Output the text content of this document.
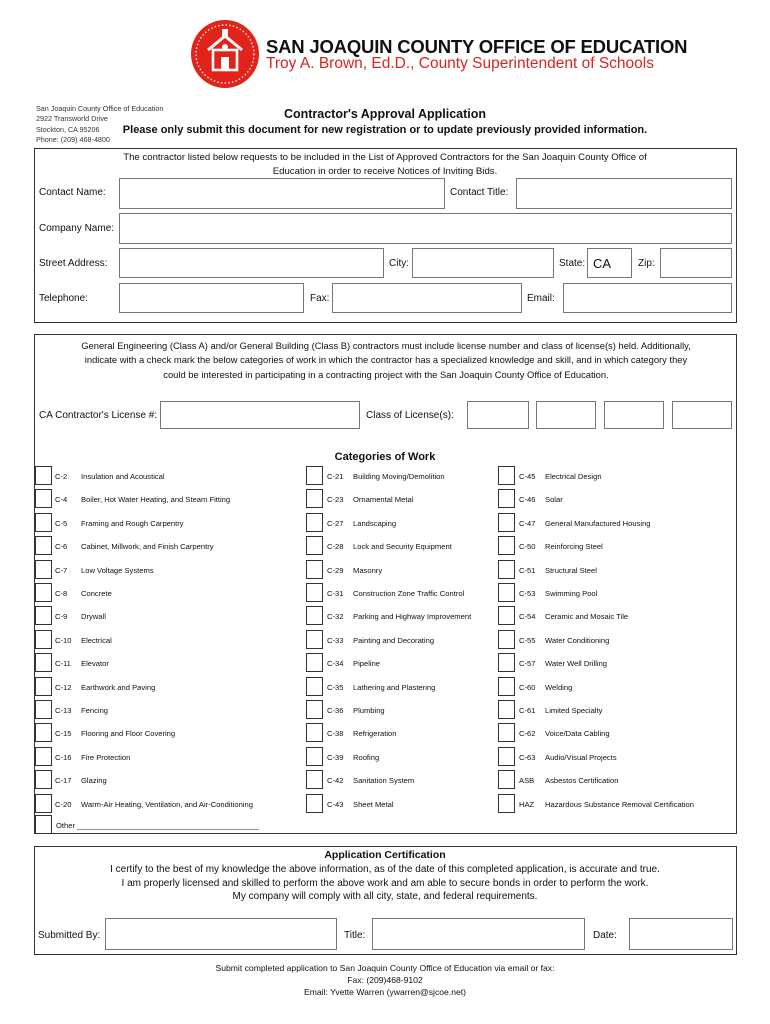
SAN JOAQUIN COUNTY OFFICE OF EDUCATION
Troy A. Brown, Ed.D., County Superintendent of Schools
San Joaquin County Office of Education
2922 Transworld Drive
Stockton, CA 95206
Phone: (209) 468-4800
Contractor's Approval Application
Please only submit this document for new registration or to update previously provided information.
The contractor listed below requests to be included in the List of Approved Contractors for the San Joaquin County Office of
Education in order to receive Notices of Inviting Bids.
Contact Name:	Contact Title:
Company Name:
Street Address:	City:	State: CA	Zip:
Telephone:	Fax:	Email:
General Engineering (Class A) and/or General Building (Class B) contractors must include license number and class of license(s) held. Additionally,
indicate with a check mark the below categories of work in which the contractor has a specialized knowledge and skill, and in which category they
could be interested in participating in a contracting project with the San Joaquin County Office of Education.
CA Contractor's License #:	Class of License(s):
Categories of Work
C-2 Insulation and Acoustical
C-4 Boiler, Hot Water Heating, and Steam Fitting
C-5 Framing and Rough Carpentry
C-6 Cabinet, Millwork, and Finish Carpentry
C-7 Low Voltage Systems
C-8 Concrete
C-9 Drywall
C-10 Electrical
C-11 Elevator
C-12 Earthwork and Paving
C-13 Fencing
C-15 Flooring and Floor Covering
C-16 Fire Protection
C-17 Glazing
C-20 Warm-Air Heating, Ventilation, and Air-Conditioning
C-21 Building Moving/Demolition
C-23 Ornamental Metal
C-27 Landscaping
C-28 Lock and Security Equipment
C-29 Masonry
C-31 Construction Zone Traffic Control
C-32 Parking and Highway Improvement
C-33 Painting and Decorating
C-34 Pipeline
C-35 Lathering and Plastering
C-36 Plumbing
C-38 Refrigeration
C-39 Roofing
C-42 Sanitation System
C-43 Sheet Metal
C-45 Electrical Design
C-46 Solar
C-47 General Manufactured Housing
C-50 Reinforcing Steel
C-51 Structural Steel
C-53 Swimming Pool
C-54 Ceramic and Mosaic Tile
C-55 Water Conditioning
C-57 Water Well Drilling
C-60 Welding
C-61 Limited Specialty
C-62 Voice/Data Cabling
C-63 Audio/Visual Projects
ASB Asbestos Certification
HAZ Hazardous Substance Removal Certification
Other ___________________________________________
Application Certification
I certify to the best of my knowledge the above information, as of the date of this completed application, is accurate and true.
I am properly licensed and skilled to perform the above work and am able to secure bonds in order to perform the work.
My company will comply with all city, state, and federal requirements.
Submitted By:	Title:	Date:
Submit completed application to San Joaquin County Office of Education via email or fax:
Fax: (209)468-9102
Email: Yvette Warren (ywarren@sjcoe.net)
